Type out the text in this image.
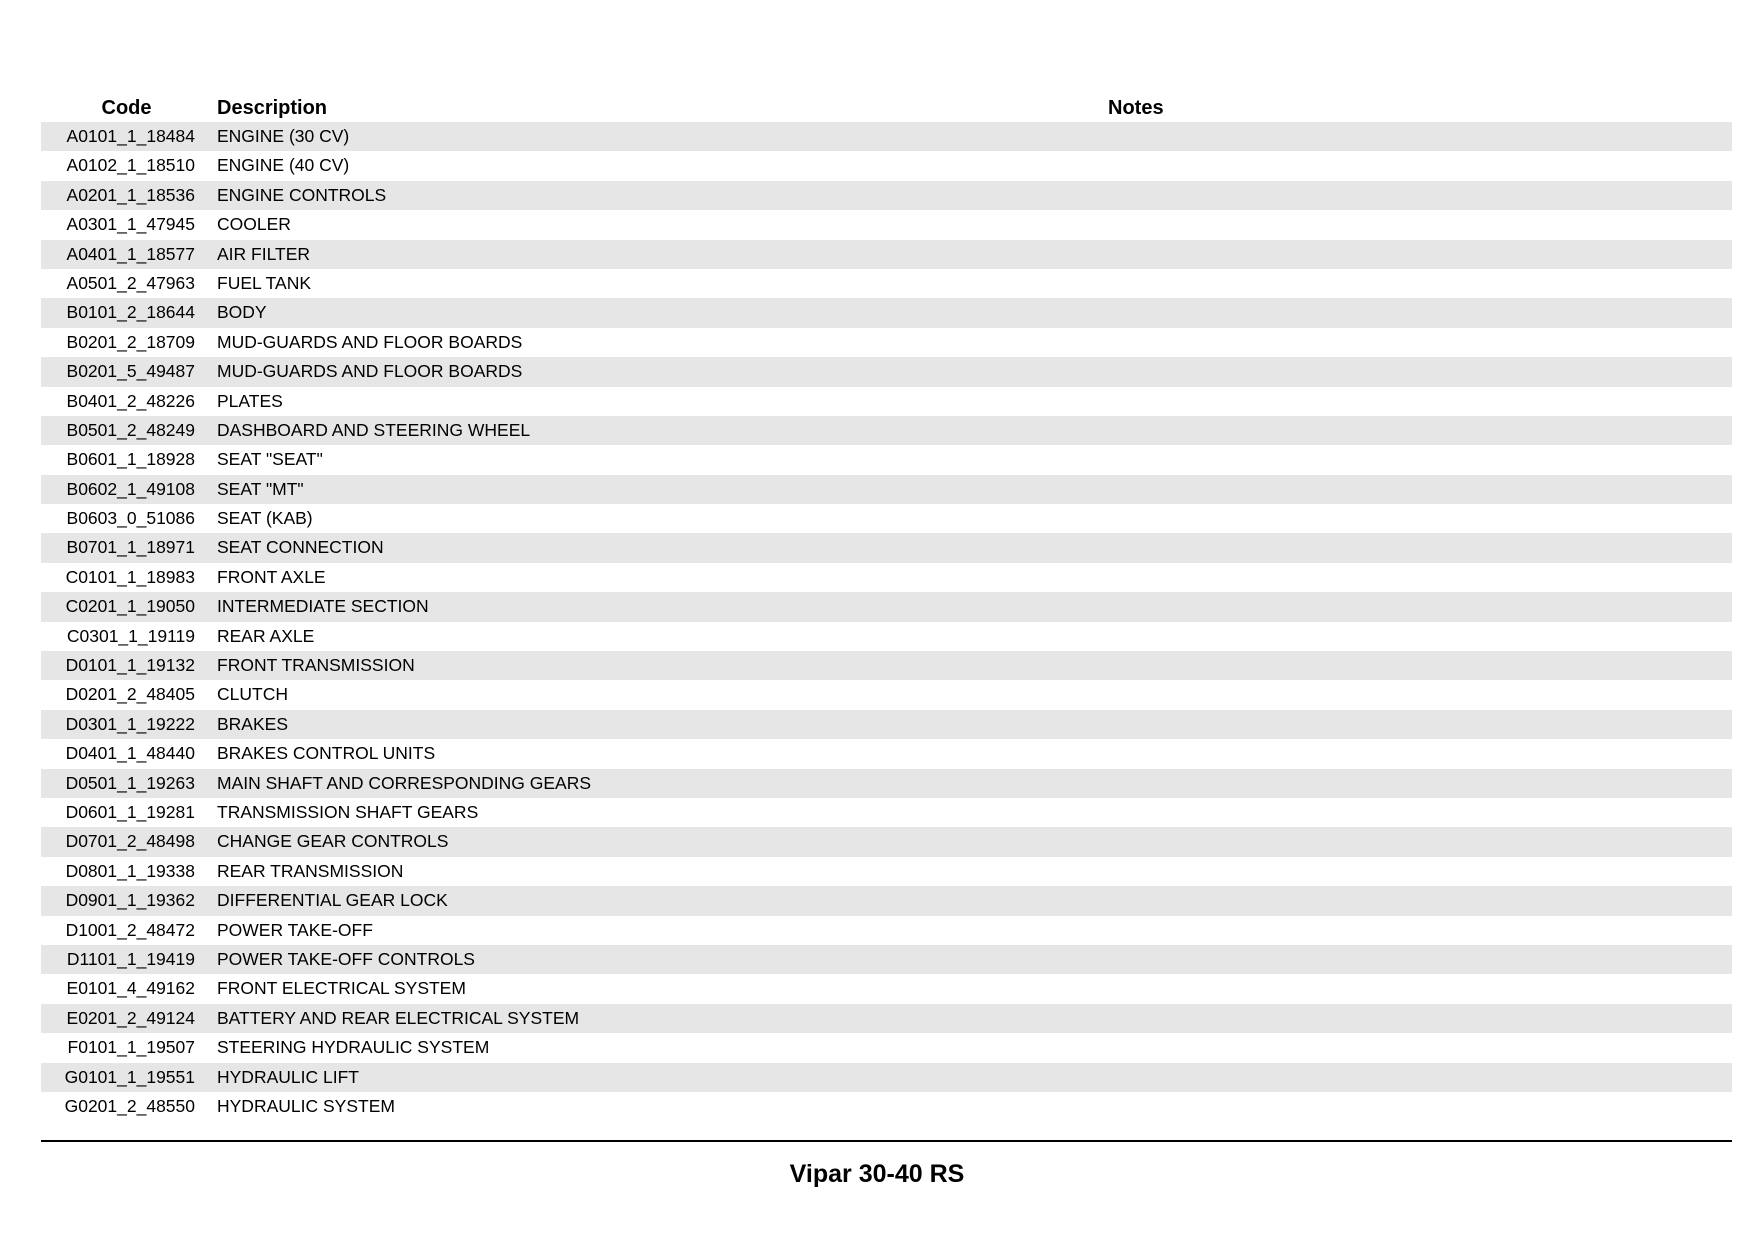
Code	Description	Notes
A0101_1_18484 ENGINE (30 CV)
A0102_1_18510 ENGINE (40 CV)
A0201_1_18536 ENGINE CONTROLS
A0301_1_47945 COOLER
A0401_1_18577 AIR FILTER
A0501_2_47963 FUEL TANK
B0101_2_18644 BODY
B0201_2_18709 MUD-GUARDS AND FLOOR BOARDS
B0201_5_49487 MUD-GUARDS AND FLOOR BOARDS
B0401_2_48226 PLATES
B0501_2_48249 DASHBOARD AND STEERING WHEEL
B0601_1_18928 SEAT "SEAT"
B0602_1_49108 SEAT "MT"
B0603_0_51086 SEAT (KAB)
B0701_1_18971 SEAT CONNECTION
C0101_1_18983 FRONT AXLE
C0201_1_19050 INTERMEDIATE SECTION
C0301_1_19119 REAR AXLE
D0101_1_19132 FRONT TRANSMISSION
D0201_2_48405 CLUTCH
D0301_1_19222 BRAKES
D0401_1_48440 BRAKES CONTROL UNITS
D0501_1_19263 MAIN SHAFT AND CORRESPONDING GEARS
D0601_1_19281 TRANSMISSION SHAFT GEARS
D0701_2_48498 CHANGE GEAR CONTROLS
D0801_1_19338 REAR TRANSMISSION
D0901_1_19362 DIFFERENTIAL GEAR LOCK
D1001_2_48472 POWER TAKE-OFF
D1101_1_19419 POWER TAKE-OFF CONTROLS
E0101_4_49162 FRONT ELECTRICAL SYSTEM
E0201_2_49124 BATTERY AND REAR ELECTRICAL SYSTEM
F0101_1_19507 STEERING HYDRAULIC SYSTEM
G0101_1_19551 HYDRAULIC LIFT
G0201_2_48550 HYDRAULIC SYSTEM
Vipar 30-40 RS
